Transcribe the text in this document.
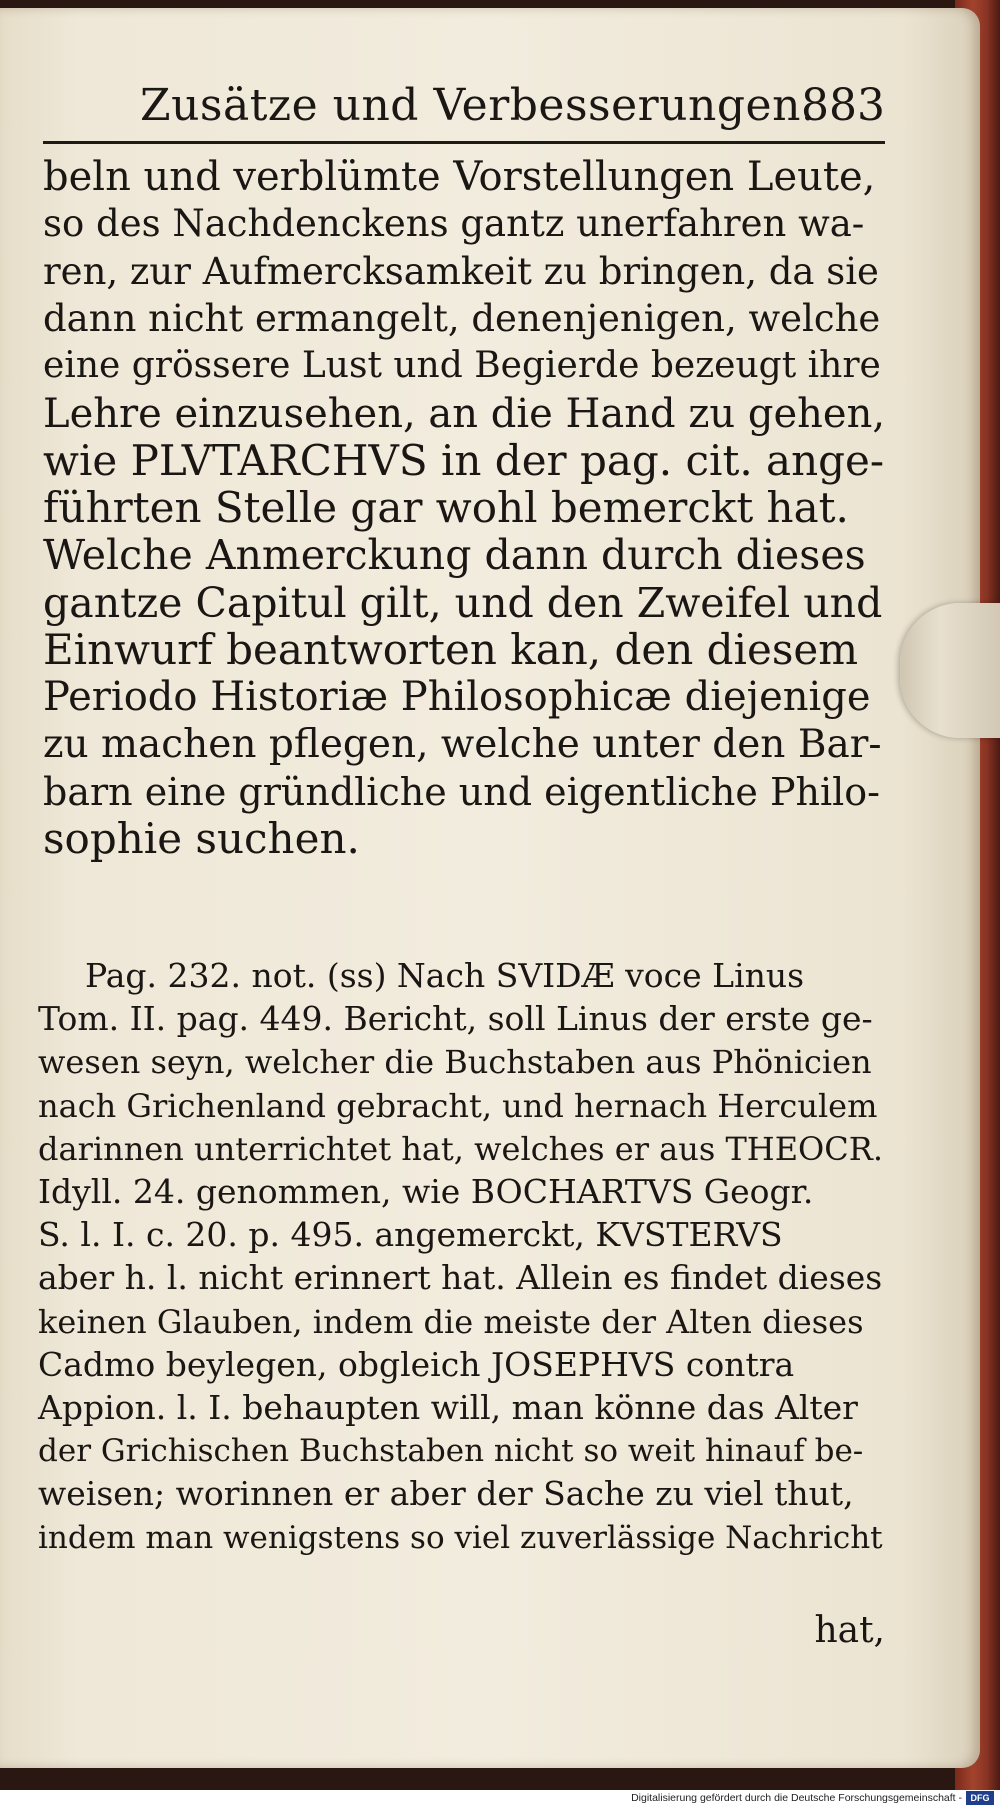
Zusätze und Verbesserungen.
883
beln und verblümte Vorstellungen Leute,
so des Nachdenckens gantz unerfahren wa-
ren, zur Aufmercksamkeit zu bringen, da sie
dann nicht ermangelt, denenjenigen, welche
eine grössere Lust und Begierde bezeugt ihre
Lehre einzusehen, an die Hand zu gehen,
wie PLVTARCHVS in der pag. cit. ange-
führten Stelle gar wohl bemerckt hat.
Welche Anmerckung dann durch dieses
gantze Capitul gilt, und den Zweifel und
Einwurf beantworten kan, den diesem
Periodo Historiæ Philosophicæ diejenige
zu machen pflegen, welche unter den Bar-
barn eine gründliche und eigentliche Philo-
sophie suchen.
Pag. 232. not. (ss) Nach SVIDÆ voce Linus
Tom. II. pag. 449. Bericht, soll Linus der erste ge-
wesen seyn, welcher die Buchstaben aus Phönicien
nach Grichenland gebracht, und hernach Herculem
darinnen unterrichtet hat, welches er aus THEOCR.
Idyll. 24. genommen, wie BOCHARTVS Geogr.
S. l. I. c. 20. p. 495. angemerckt, KVSTERVS
aber h. l. nicht erinnert hat. Allein es findet dieses
keinen Glauben, indem die meiste der Alten dieses
Cadmo beylegen, obgleich JOSEPHVS contra
Appion. l. I. behaupten will, man könne das Alter
der Grichischen Buchstaben nicht so weit hinauf be-
weisen; worinnen er aber der Sache zu viel thut,
indem man wenigstens so viel zuverlässige Nachricht
hat,
Digitalisierung gefördert durch die Deutsche Forschungsgemeinschaft - DFG
